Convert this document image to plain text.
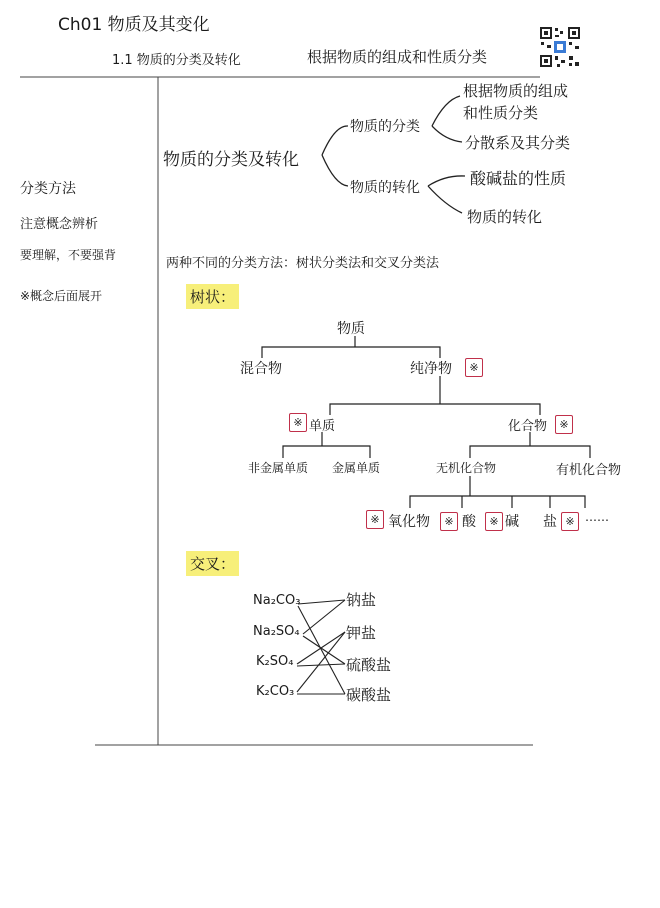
Ch01 物质及其变化
1.1 物质的分类及转化	根据物质的组成和性质分类
分类方法
注意概念辨析
要理解，不要强背
※概念后面展开
物质的分类及转化
物质的分类
物质的转化
根据物质的组成
和性质分类
分散系及其分类
酸碱盐的性质
物质的转化
两种不同的分类方法：树状分类法和交叉分类法
树状：
物质
混合物	纯净物	※
※ 单质	化合物	※
非金属单质 金属单质	无机化合物	有机化合物
※ 氧化物	※ 酸	※ 碱 盐 ※ ……
交叉：
Na₂CO₃
Na₂SO₄
K₂SO₄
K₂CO₃
钠盐
钾盐
硫酸盐
碳酸盐
